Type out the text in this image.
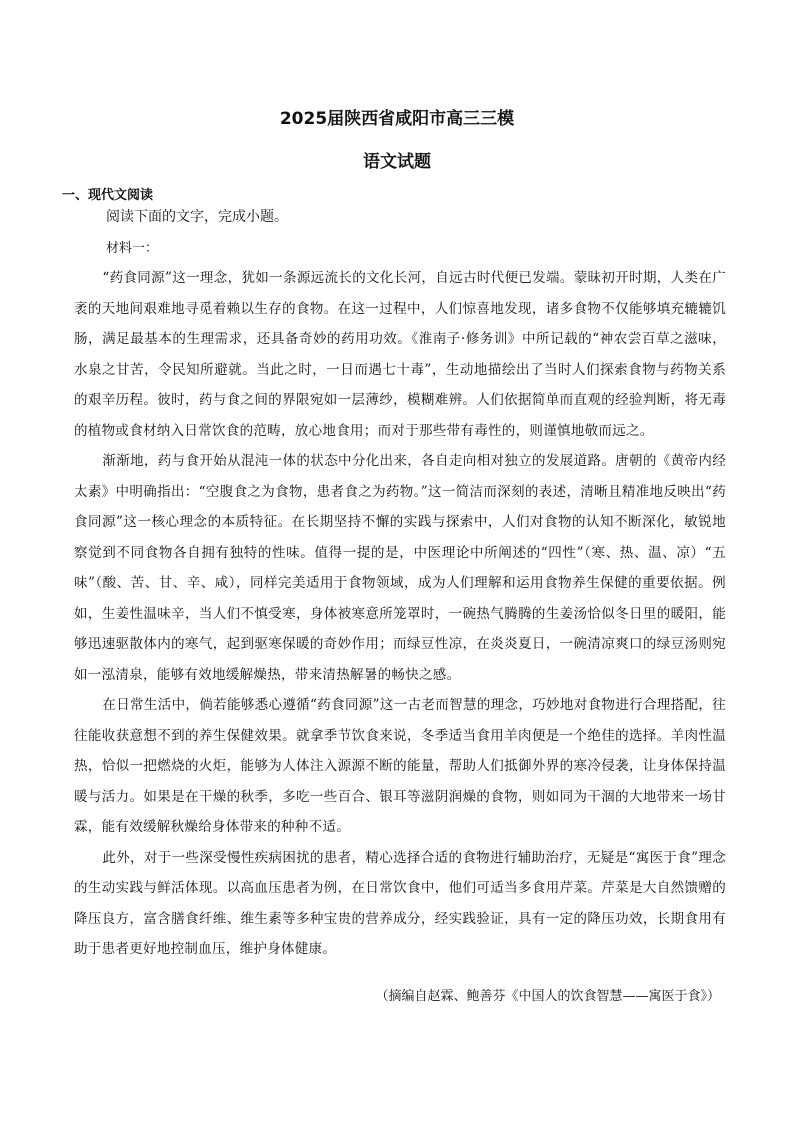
2025届陕西省咸阳市高三三模
语文试题
一、现代文阅读
阅读下面的文字，完成小题。
材料一：

“药食同源”这一理念，犹如一条源远流长的文化长河，自远古时代便已发端。蒙昧初开时期，人类在广袤的天地间艰难地寻觅着赖以生存的食物。在这一过程中，人们惊喜地发现，诸多食物不仅能够填充辘辘饥肠，满足最基本的生理需求，还具备奇妙的药用功效。《淮南子·修务训》中所记载的“神农尝百草之滋味，水泉之甘苦，令民知所避就。当此之时，一日而遇七十毒”，生动地描绘出了当时人们探索食物与药物关系的艰辛历程。彼时，药与食之间的界限宛如一层薄纱，模糊难辨。人们依据简单而直观的经验判断，将无毒的植物或食材纳入日常饮食的范畴，放心地食用；而对于那些带有毒性的，则谨慎地敬而远之。

渐渐地，药与食开始从混沌一体的状态中分化出来，各自走向相对独立的发展道路。唐朝的《黄帝内经太素》中明确指出：“空腹食之为食物，患者食之为药物。”这一简洁而深刻的表述，清晰且精准地反映出“药食同源”这一核心理念的本质特征。在长期坚持不懈的实践与探索中，人们对食物的认知不断深化，敏锐地察觉到不同食物各自拥有独特的性味。值得一提的是，中医理论中所阐述的“四性”（寒、热、温、凉）“五味”（酸、苦、甘、辛、咸），同样完美适用于食物领域，成为人们理解和运用食物养生保健的重要依据。例如，生姜性温味辛，当人们不慎受寒，身体被寒意所笼罩时，一碗热气腾腾的生姜汤恰似冬日里的暖阳，能够迅速驱散体内的寒气，起到驱寒保暖的奇妙作用；而绿豆性凉，在炎炎夏日，一碗清凉爽口的绿豆汤则宛如一泓清泉，能够有效地缓解燥热，带来清热解暑的畅快之感。

在日常生活中，倘若能够悉心遵循“药食同源”这一古老而智慧的理念，巧妙地对食物进行合理搭配，往往能收获意想不到的养生保健效果。就拿季节饮食来说，冬季适当食用羊肉便是一个绝佳的选择。羊肉性温热，恰似一把燃烧的火炬，能够为人体注入源源不断的能量，帮助人们抵御外界的寒冷侵袭，让身体保持温暖与活力。如果是在干燥的秋季，多吃一些百合、银耳等滋阴润燥的食物，则如同为干涸的大地带来一场甘霖，能有效缓解秋燥给身体带来的种种不适。

此外，对于一些深受慢性疾病困扰的患者，精心选择合适的食物进行辅助治疗，无疑是“寓医于食”理念的生动实践与鲜活体现。以高血压患者为例，在日常饮食中，他们可适当多食用芹菜。芹菜是大自然馈赠的降压良方，富含膳食纤维、维生素等多种宝贵的营养成分，经实践验证，具有一定的降压功效，长期食用有助于患者更好地控制血压，维护身体健康。

（摘编自赵霖、鲍善芬《中国人的饮食智慧——寓医于食》）
